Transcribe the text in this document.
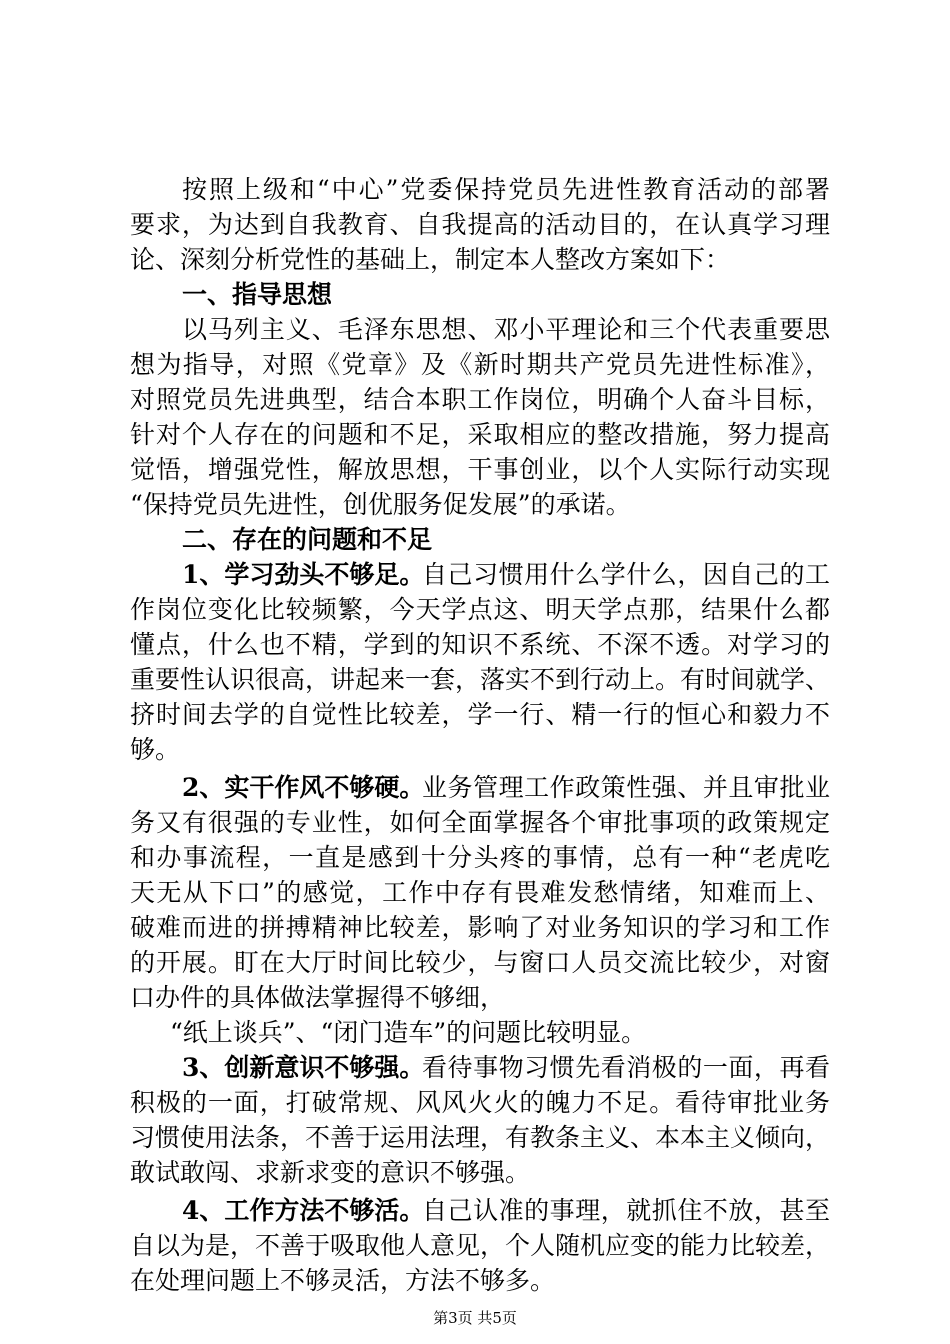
按照上级和“中心”党委保持党员先进性教育活动的部署
要求，为达到自我教育、自我提高的活动目的，在认真学习理
论、深刻分析党性的基础上，制定本人整改方案如下：
一、指导思想
以马列主义、毛泽东思想、邓小平理论和三个代表重要思
想为指导，对照《党章》及《新时期共产党员先进性标准》，
对照党员先进典型，结合本职工作岗位，明确个人奋斗目标，
针对个人存在的问题和不足，采取相应的整改措施，努力提高
觉悟，增强党性，解放思想，干事创业，以个人实际行动实现
“保持党员先进性，创优服务促发展”的承诺。
二、存在的问题和不足
1、学习劲头不够足。
自己习惯用什么学什么，因自己的工
作岗位变化比较频繁，今天学点这、明天学点那，结果什么都
懂点，什么也不精，学到的知识不系统、不深不透。对学习的
重要性认识很高，讲起来一套，落实不到行动上。有时间就学、
挤时间去学的自觉性比较差，学一行、精一行的恒心和毅力不
够。
2、实干作风不够硬。
业务管理工作政策性强、并且审批业
务又有很强的专业性，如何全面掌握各个审批事项的政策规定
和办事流程，一直是感到十分头疼的事情，总有一种“老虎吃
天无从下口”的感觉，工作中存有畏难发愁情绪，知难而上、
破难而进的拼搏精神比较差，影响了对业务知识的学习和工作
的开展。盯在大厅时间比较少，与窗口人员交流比较少，对窗
口办件的具体做法掌握得不够细，
“纸上谈兵”、“闭门造车”的问题比较明显。
3、创新意识不够强。
看待事物习惯先看消极的一面，再看
积极的一面，打破常规、风风火火的魄力不足。看待审批业务
习惯使用法条，不善于运用法理，有教条主义、本本主义倾向，
敢试敢闯、求新求变的意识不够强。
4、工作方法不够活。
自己认准的事理，就抓住不放，甚至
自以为是，不善于吸取他人意见，个人随机应变的能力比较差，
在处理问题上不够灵活，方法不够多。
第3页 共5页
